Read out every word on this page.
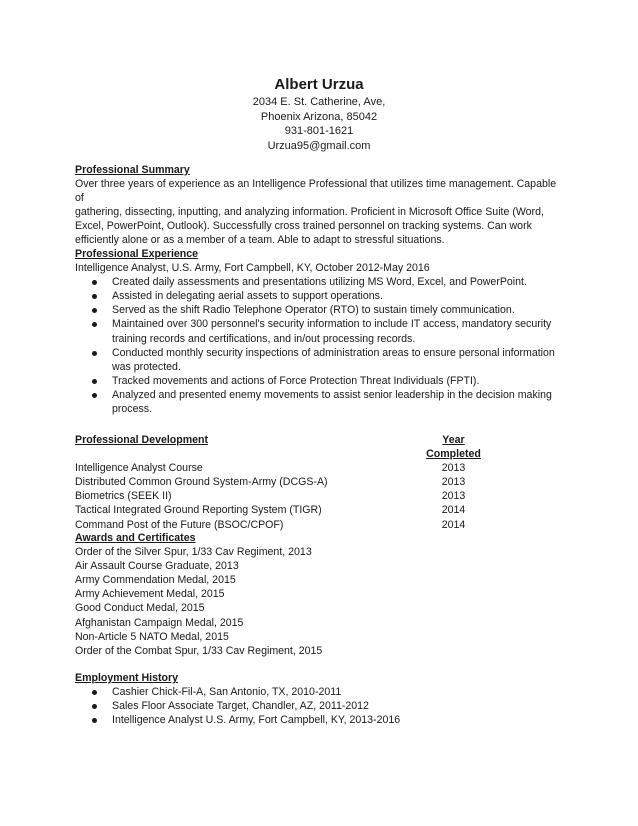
Albert Urzua
2034 E. St. Catherine, Ave,
Phoenix Arizona, 85042
931-801-1621
Urzua95@gmail.com
Professional Summary
Over three years of experience as an Intelligence Professional that utilizes time management. Capable of
gathering, dissecting, inputting, and analyzing information. Proficient in Microsoft Office Suite (Word,
Excel, PowerPoint, Outlook). Successfully cross trained personnel on tracking systems. Can work
efficiently alone or as a member of a team. Able to adapt to stressful situations.
Professional Experience
Intelligence Analyst, U.S. Army, Fort Campbell, KY, October 2012-May 2016
Created daily assessments and presentations utilizing MS Word, Excel, and PowerPoint.
Assisted in delegating aerial assets to support operations.
Served as the shift Radio Telephone Operator (RTO) to sustain timely communication.
Maintained over 300 personnel's security information to include IT access, mandatory security
training records and certifications, and in/out processing records.
Conducted monthly security inspections of administration areas to ensure personal information
was protected.
Tracked movements and actions of Force Protection Threat Individuals (FPTI).
Analyzed and presented enemy movements to assist senior leadership in the decision making
process.
Professional Development	Year Completed
Intelligence Analyst Course	2013
Distributed Common Ground System-Army (DCGS-A)	2013
Biometrics (SEEK II)	2013
Tactical Integrated Ground Reporting System (TIGR)	2014
Command Post of the Future (BSOC/CPOF)	2014
Awards and Certificates
Order of the Silver Spur, 1/33 Cav Regiment, 2013
Air Assault Course Graduate, 2013
Army Commendation Medal, 2015
Army Achievement Medal, 2015
Good Conduct Medal, 2015
Afghanistan Campaign Medal, 2015
Non-Article 5 NATO Medal, 2015
Order of the Combat Spur, 1/33 Cav Regiment, 2015
Employment History
Cashier Chick-Fil-A, San Antonio, TX, 2010-2011
Sales Floor Associate Target, Chandler, AZ, 2011-2012
Intelligence Analyst U.S. Army, Fort Campbell, KY, 2013-2016
